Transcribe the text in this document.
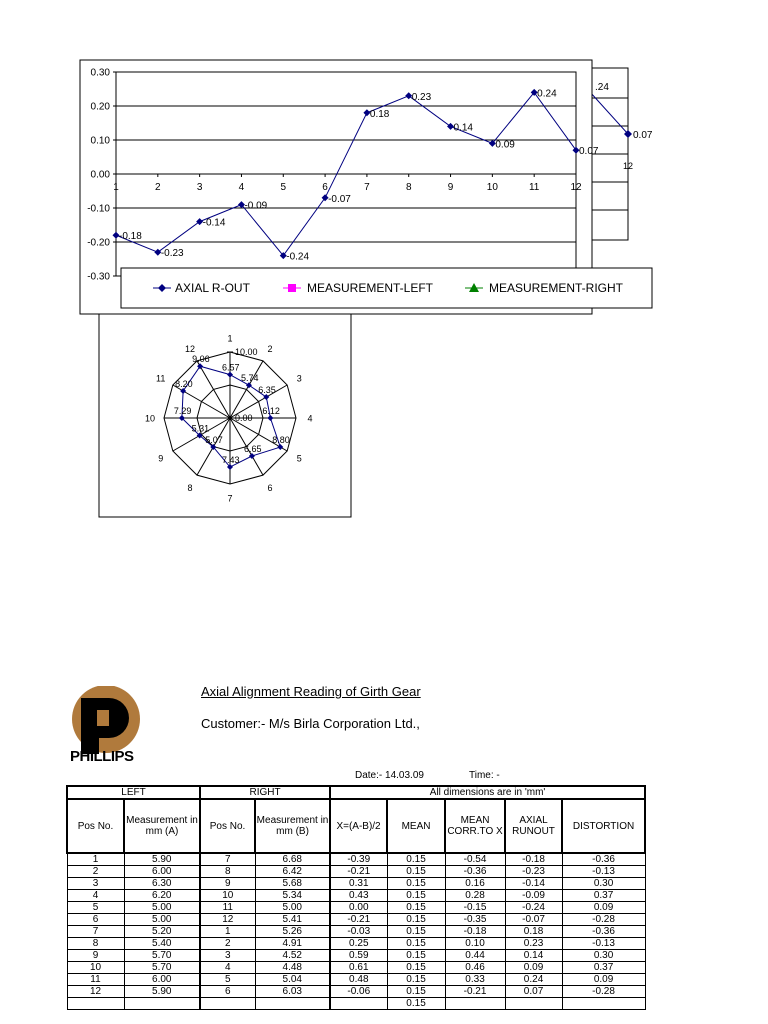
.24
0.07
12
0.30
0.20
0.10
0.00
-0.10
-0.20
-0.30
1	2	3	4	5	6	7	8	9	10	11	12
-0.18
-0.23
-0.14
-0.09
-0.24
-0.07
0.18
0.23
0.14
0.09
0.24
0.07
AXIAL R-OUT	MEASUREMENT-LEFT	MEASUREMENT-RIGHT
1
2
3
4
5
6
7
8
9
10
11
12	10.00
0.00
6.57
5.74
6.35
6.12
8.80
6.65
7.43
5.07
5.31
7.29
8.20
9.06
PHILLIPS
Axial Alignment Reading of Girth Gear
Customer:- M/s Birla Corporation Ltd.,
Date:- 14.03.09	Time: -
LEFT		RIGHT		All dimensions are in 'mm'				
Pos No.	Measurement in mm (A)	Pos No.	Measurement in mm (B)	X=(A-B)/2	MEAN	MEAN CORR.TO X	AXIAL RUNOUT	DISTORTION
1	5.90	7	6.68	-0.39	0.15	-0.54	-0.18	-0.36
2	6.00	8	6.42	-0.21	0.15	-0.36	-0.23	-0.13
3	6.30	9	5.68	0.31	0.15	0.16	-0.14	0.30
4	6.20	10	5.34	0.43	0.15	0.28	-0.09	0.37
5	5.00	11	5.00	0.00	0.15	-0.15	-0.24	0.09
6	5.00	12	5.41	-0.21	0.15	-0.35	-0.07	-0.28
7	5.20	1	5.26	-0.03	0.15	-0.18	0.18	-0.36
8	5.40	2	4.91	0.25	0.15	0.10	0.23	-0.13
9	5.70	3	4.52	0.59	0.15	0.44	0.14	0.30
10	5.70	4	4.48	0.61	0.15	0.46	0.09	0.37
11	6.00	5	5.04	0.48	0.15	0.33	0.24	0.09
12	5.90	6	6.03	-0.06	0.15	-0.21	0.07	-0.28
					0.15			
